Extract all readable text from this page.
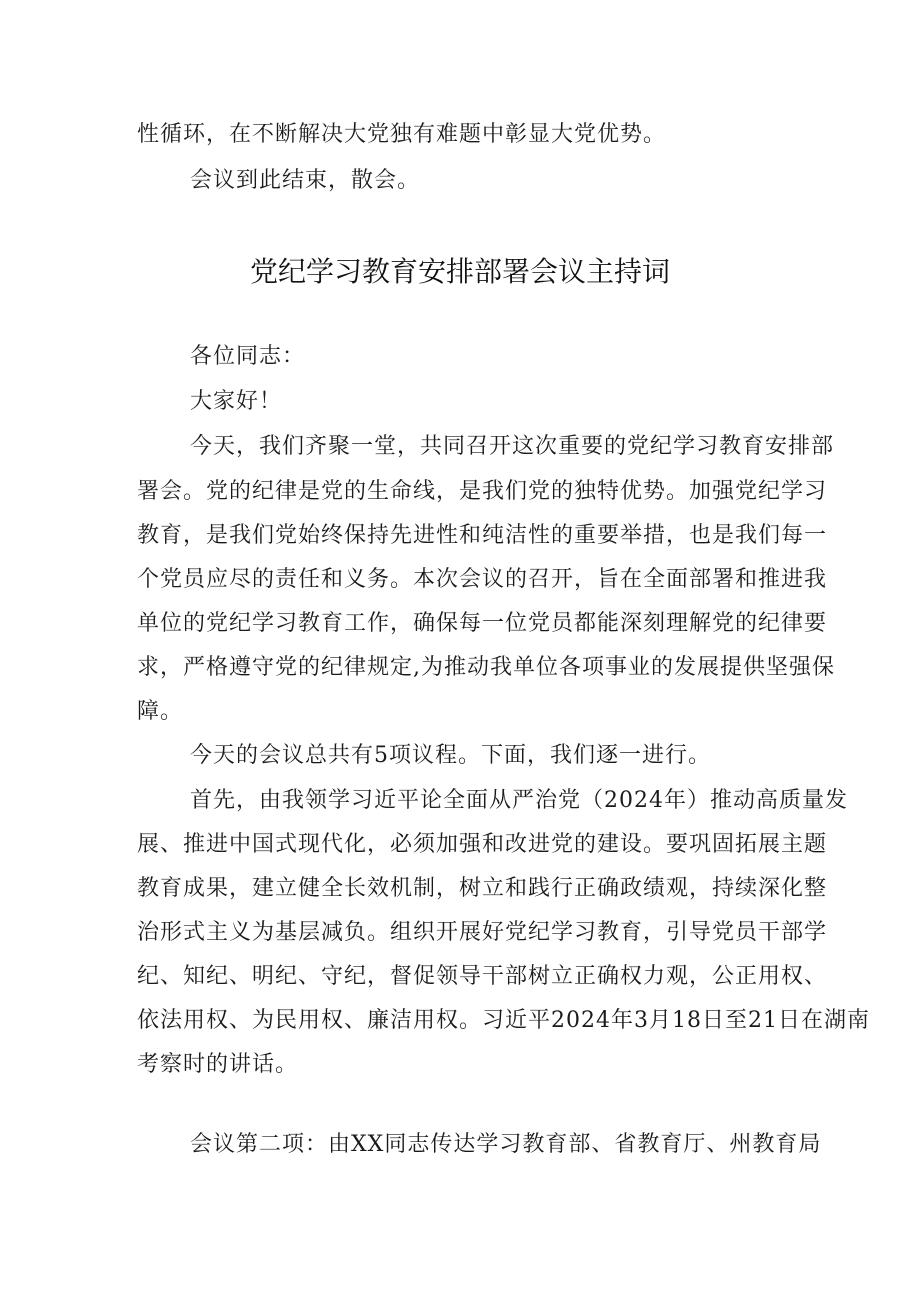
性循环，在不断解决大党独有难题中彰显大党优势。
会议到此结束，散会。
党纪学习教育安排部署会议主持词
各位同志：
大家好！
今天，我们齐聚一堂，共同召开这次重要的党纪学习教育安排部
署会。党的纪律是党的生命线，是我们党的独特优势。加强党纪学习
教育，是我们党始终保持先进性和纯洁性的重要举措，也是我们每一
个党员应尽的责任和义务。本次会议的召开，旨在全面部署和推进我
单位的党纪学习教育工作，确保每一位党员都能深刻理解党的纪律要
求，严格遵守党的纪律规定,为推动我单位各项事业的发展提供坚强保
障。
今天的会议总共有5项议程。下面，我们逐一进行。
首先，由我领学习近平论全面从严治党（2024年）推动高质量发
展、推进中国式现代化，必须加强和改进党的建设。要巩固拓展主题
教育成果，建立健全长效机制，树立和践行正确政绩观，持续深化整
治形式主义为基层减负。组织开展好党纪学习教育，引导党员干部学
纪、知纪、明纪、守纪，督促领导干部树立正确权力观，公正用权、
依法用权、为民用权、廉洁用权。习近平2024年3月18日至21日在湖南
考察时的讲话。
会议第二项：由XX同志传达学习教育部、省教育厅、州教育局
